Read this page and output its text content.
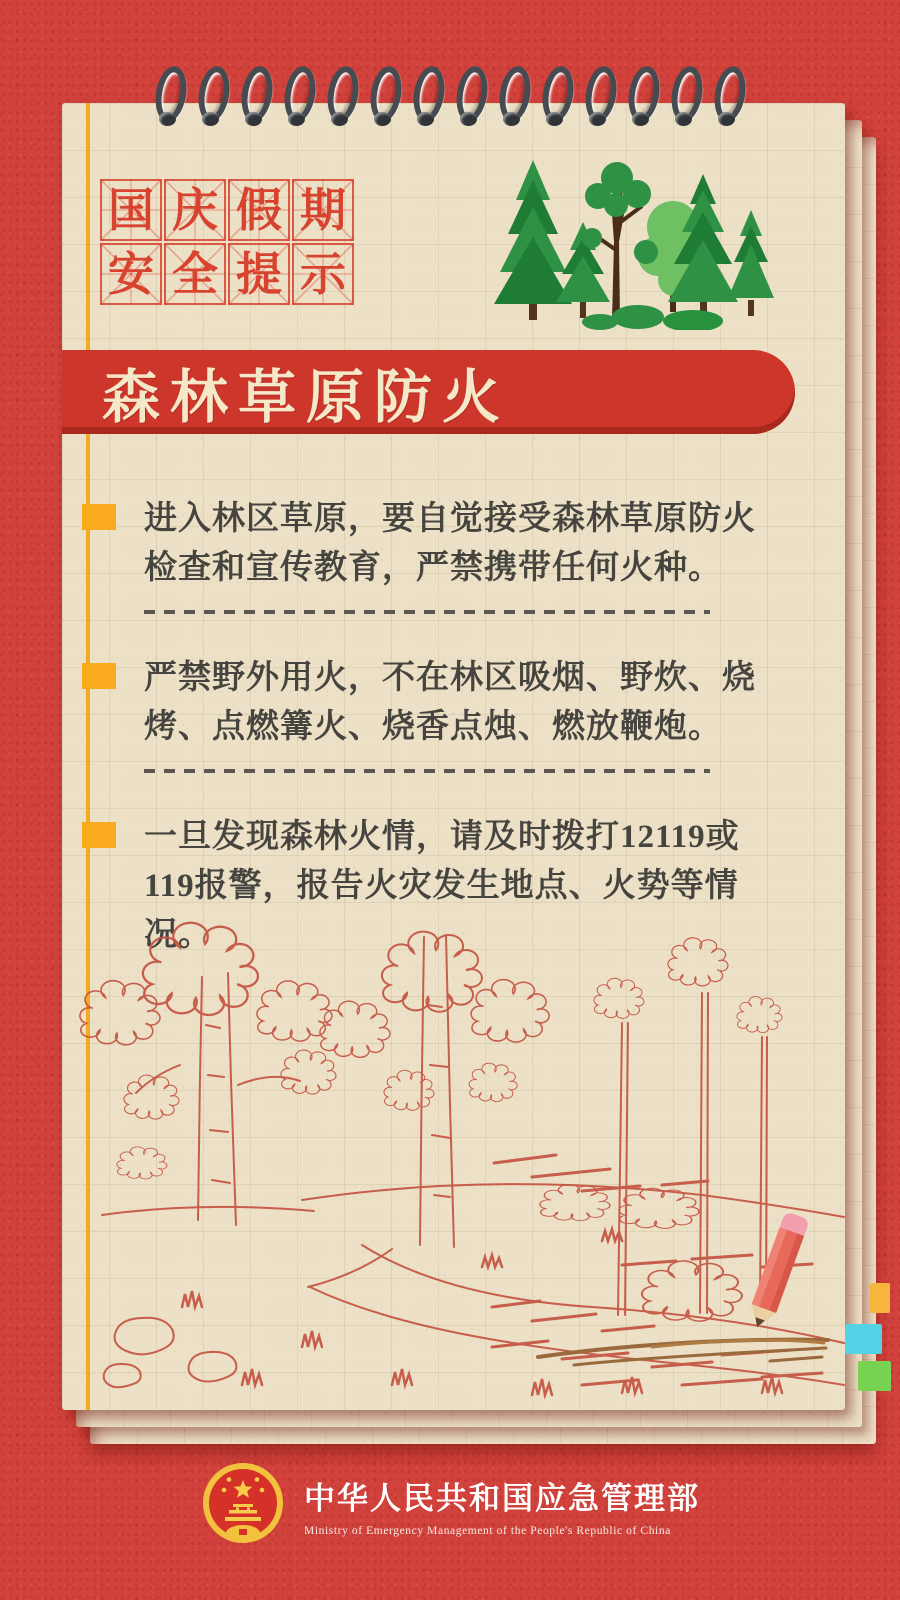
国 庆 假 期
安 全 提 示
森林草原防火
进入林区草原，要自觉接受森林草原防火检查和宣传教育，严禁携带任何火种。
严禁野外用火，不在林区吸烟、野炊、烧烤、点燃篝火、烧香点烛、燃放鞭炮。
一旦发现森林火情，请及时拨打12119或119报警，报告火灾发生地点、火势等情况。
中华人民共和国应急管理部
Ministry of Emergency Management of the People's Republic of China
